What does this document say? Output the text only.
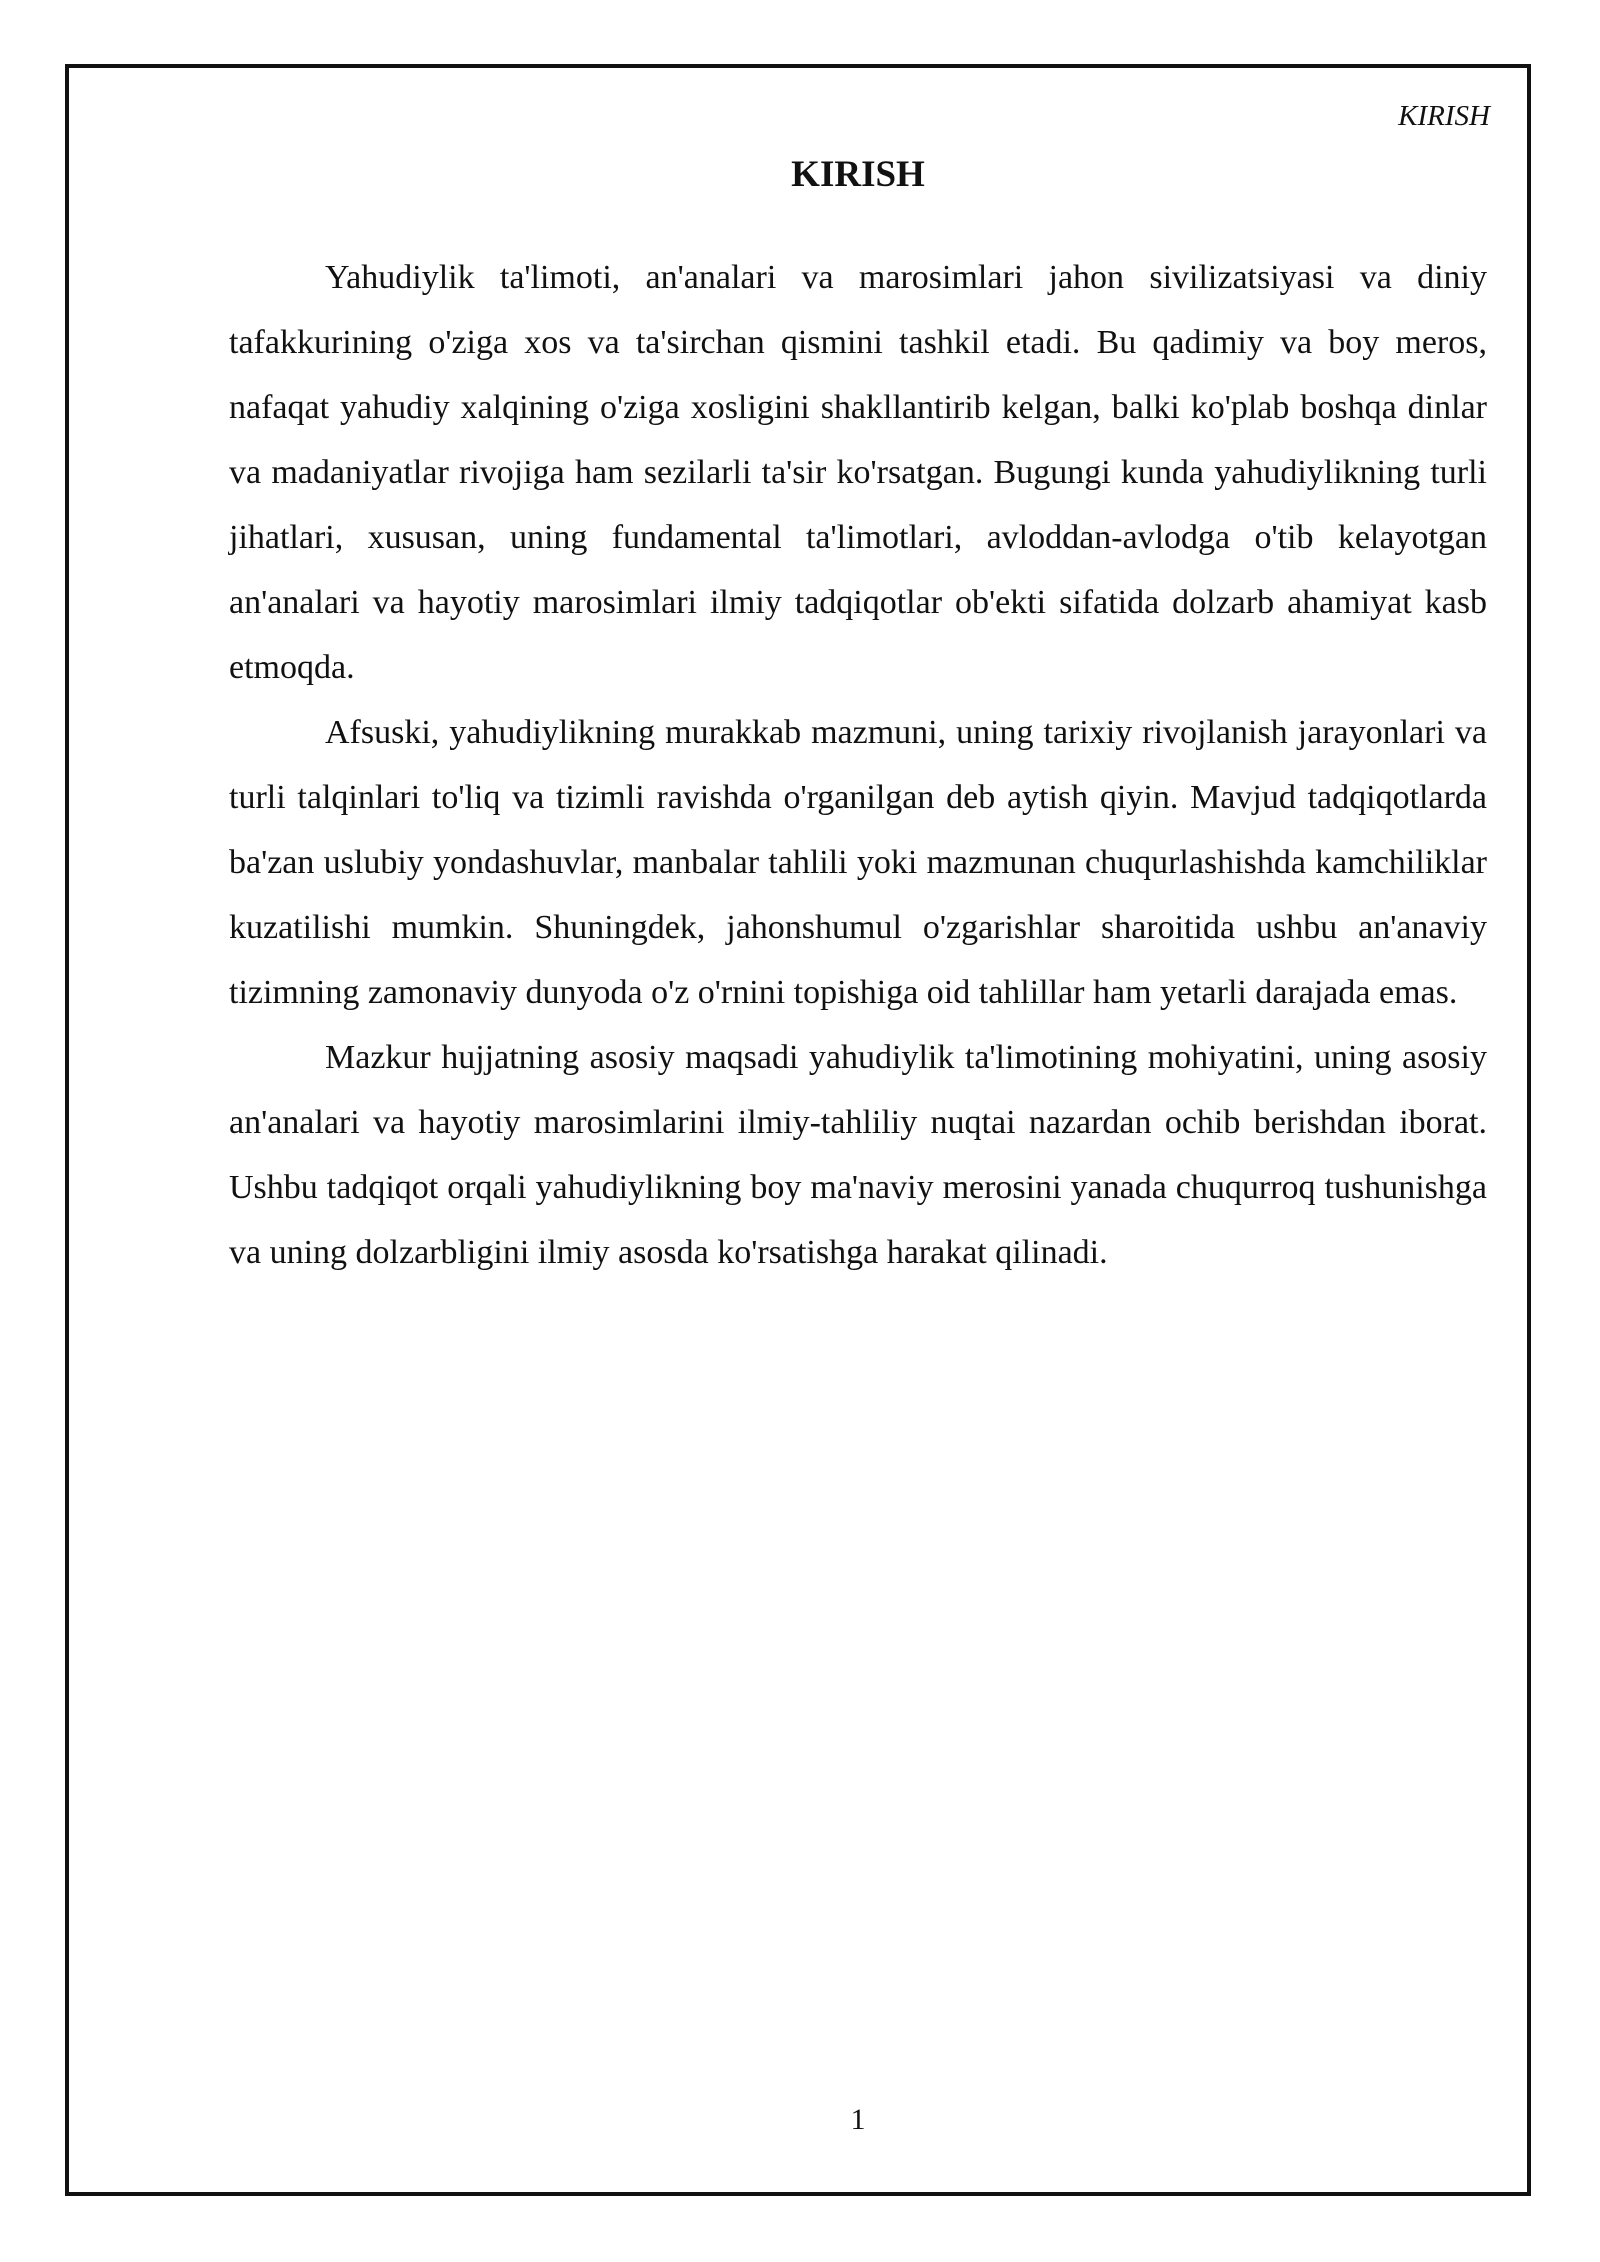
KIRISH
KIRISH

Yahudiylik ta'limoti, an'analari va marosimlari jahon sivilizatsiyasi va diniy tafakkurining o'ziga xos va ta'sirchan qismini tashkil etadi. Bu qadimiy va boy meros, nafaqat yahudiy xalqining o'ziga xosligini shakllantirib kelgan, balki ko'plab boshqa dinlar va madaniyatlar rivojiga ham sezilarli ta'sir ko'rsatgan. Bugungi kunda yahudiylikning turli jihatlari, xususan, uning fundamental ta'limotlari, avloddan-avlodga o'tib kelayotgan an'analari va hayotiy marosimlari ilmiy tadqiqotlar ob'ekti sifatida dolzarb ahamiyat kasb etmoqda.

Afsuski, yahudiylikning murakkab mazmuni, uning tarixiy rivojlanish jarayonlari va turli talqinlari to'liq va tizimli ravishda o'rganilgan deb aytish qiyin. Mavjud tadqiqotlarda ba'zan uslubiy yondashuvlar, manbalar tahlili yoki mazmunan chuqurlashishda kamchiliklar kuzatilishi mumkin. Shuningdek, jahonshumul o'zgarishlar sharoitida ushbu an'anaviy tizimning zamonaviy dunyoda o'z o'rnini topishiga oid tahlillar ham yetarli darajada emas.

Mazkur hujjatning asosiy maqsadi yahudiylik ta'limotining mohiyatini, uning asosiy an'analari va hayotiy marosimlarini ilmiy-tahliliy nuqtai nazardan ochib berishdan iborat. Ushbu tadqiqot orqali yahudiylikning boy ma'naviy merosini yanada chuqurroq tushunishga va uning dolzarbligini ilmiy asosda ko'rsatishga harakat qilinadi.

1
